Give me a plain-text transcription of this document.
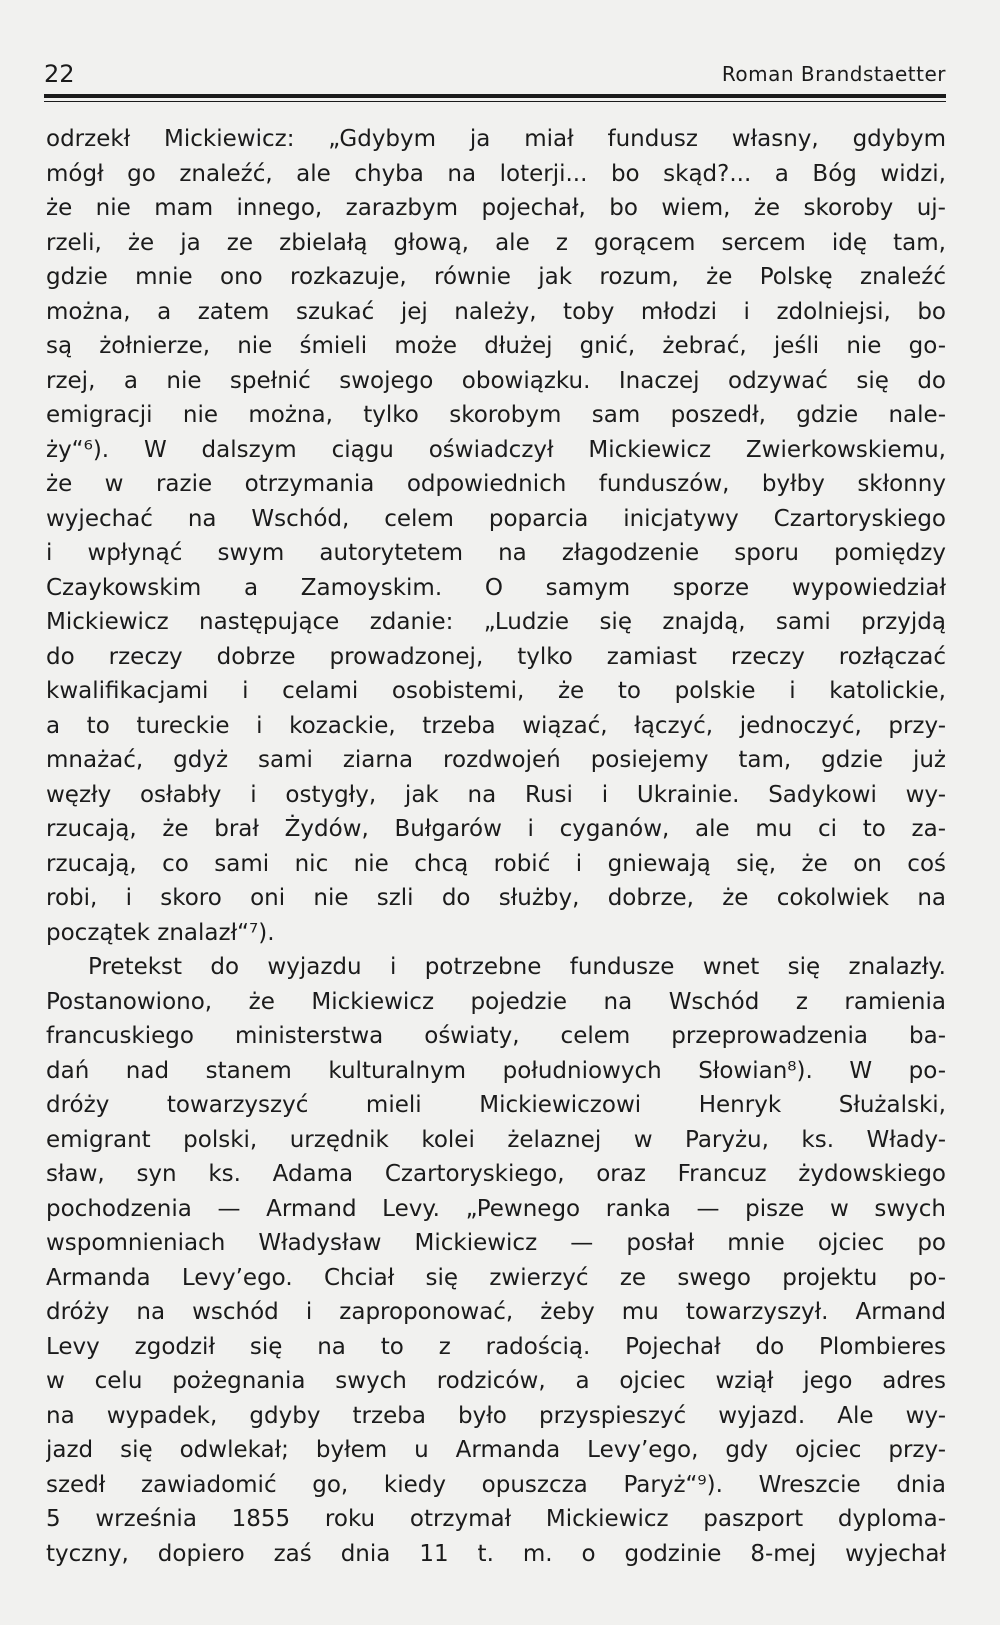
22	Roman Brandstaetter
odrzekł Mickiewicz: „Gdybym ja miał fundusz własny, gdybym
mógł go znaleźć, ale chyba na loterji... bo skąd?... a Bóg widzi,
że nie mam innego, zarazbym pojechał, bo wiem, że skoroby uj-
rzeli, że ja ze zbielałą głową, ale z gorącem sercem idę tam,
gdzie mnie ono rozkazuje, równie jak rozum, że Polskę znaleźć
można, a zatem szukać jej należy, toby młodzi i zdolniejsi, bo
są żołnierze, nie śmieli może dłużej gnić, żebrać, jeśli nie go-
rzej, a nie spełnić swojego obowiązku. Inaczej odzywać się do
emigracji nie można, tylko skorobym sam poszedł, gdzie nale-
ży“⁶). W dalszym ciągu oświadczył Mickiewicz Zwierkowskiemu,
że w razie otrzymania odpowiednich funduszów, byłby skłonny
wyjechać na Wschód, celem poparcia inicjatywy Czartoryskiego
i wpłynąć swym autorytetem na złagodzenie sporu pomiędzy
Czaykowskim a Zamoyskim. O samym sporze wypowiedział
Mickiewicz następujące zdanie: „Ludzie się znajdą, sami przyjdą
do rzeczy dobrze prowadzonej, tylko zamiast rzeczy rozłączać
kwalifikacjami i celami osobistemi, że to polskie i katolickie,
a to tureckie i kozackie, trzeba wiązać, łączyć, jednoczyć, przy-
mnażać, gdyż sami ziarna rozdwojeń posiejemy tam, gdzie już
węzły osłabły i ostygły, jak na Rusi i Ukrainie. Sadykowi wy-
rzucają, że brał Żydów, Bułgarów i cyganów, ale mu ci to za-
rzucają, co sami nic nie chcą robić i gniewają się, że on coś
robi, i skoro oni nie szli do służby, dobrze, że cokolwiek na
początek znalazł“⁷).
Pretekst do wyjazdu i potrzebne fundusze wnet się znalazły.
Postanowiono, że Mickiewicz pojedzie na Wschód z ramienia
francuskiego ministerstwa oświaty, celem przeprowadzenia ba-
dań nad stanem kulturalnym południowych Słowian⁸). W po-
dróży towarzyszyć mieli Mickiewiczowi Henryk Służalski,
emigrant polski, urzędnik kolei żelaznej w Paryżu, ks. Włady-
sław, syn ks. Adama Czartoryskiego, oraz Francuz żydowskiego
pochodzenia — Armand Levy. „Pewnego ranka — pisze w swych
wspomnieniach Władysław Mickiewicz — posłał mnie ojciec po
Armanda Levy’ego. Chciał się zwierzyć ze swego projektu po-
dróży na wschód i zaproponować, żeby mu towarzyszył. Armand
Levy zgodził się na to z radością. Pojechał do Plombieres
w celu pożegnania swych rodziców, a ojciec wziął jego adres
na wypadek, gdyby trzeba było przyspieszyć wyjazd. Ale wy-
jazd się odwlekał; byłem u Armanda Levy’ego, gdy ojciec przy-
szedł zawiadomić go, kiedy opuszcza Paryż“⁹). Wreszcie dnia
5 września 1855 roku otrzymał Mickiewicz paszport dyploma-
tyczny, dopiero zaś dnia 11 t. m. o godzinie 8-mej wyjechał
